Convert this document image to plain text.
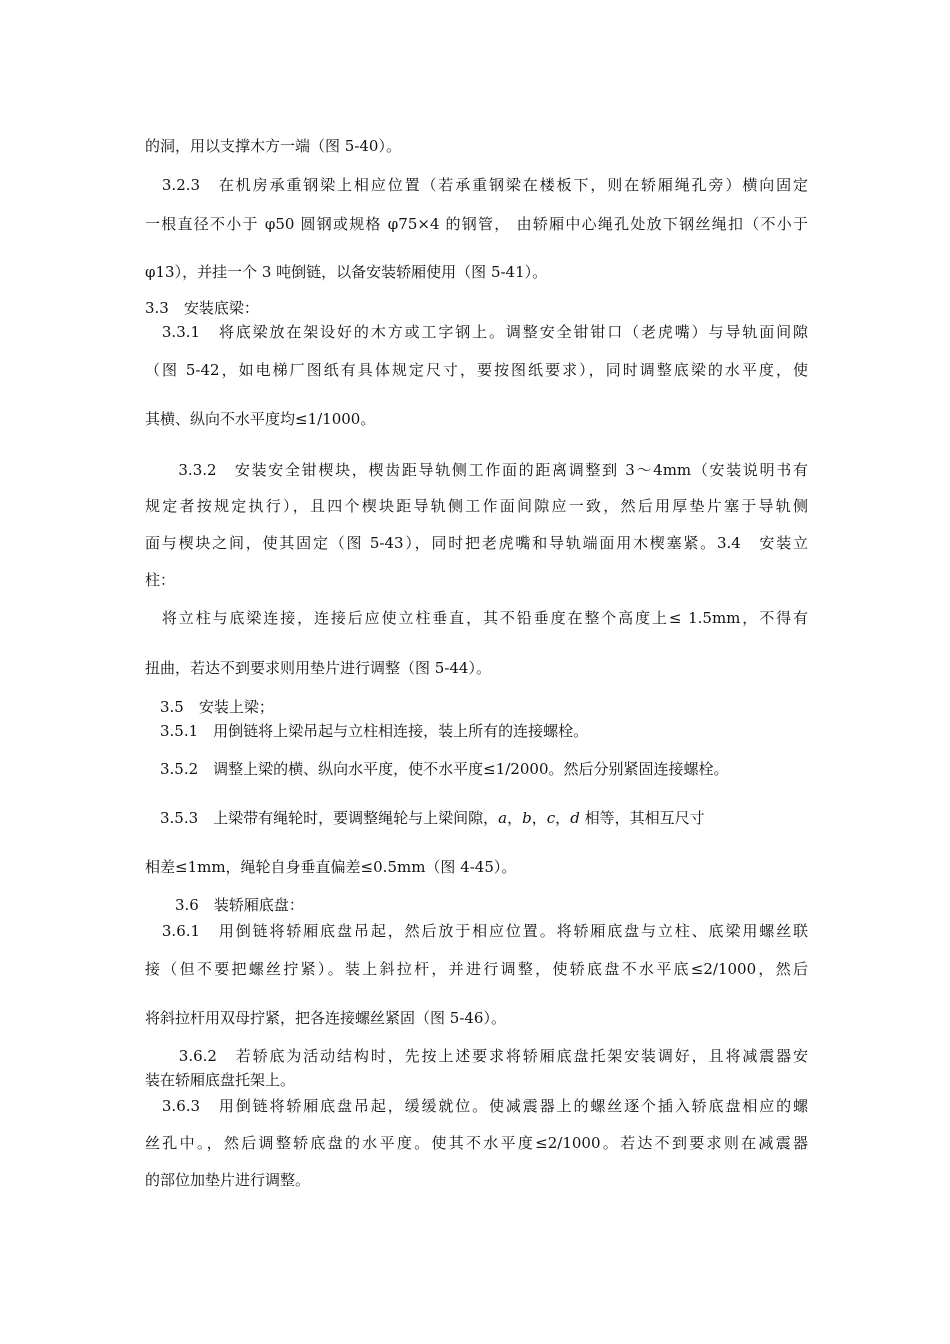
的洞，用以支撑木方一端（图 5-40）。
　3.2.3　在机房承重钢梁上相应位置（若承重钢梁在楼板下，则在轿厢绳孔旁）横向固定
一根直径不小于 φ50 圆钢或规格 φ75×4 的钢管， 由轿厢中心绳孔处放下钢丝绳扣（不小于
φ13），并挂一个 3 吨倒链，以备安装轿厢使用（图 5-41）。
3.3　安装底梁：
　3.3.1　将底梁放在架设好的木方或工字钢上。调整安全钳钳口（老虎嘴）与导轨面间隙
（图 5-42，如电梯厂图纸有具体规定尺寸，要按图纸要求），同时调整底梁的水平度，使
其横、纵向不水平度均≤1/1000。
　　3.3.2　安装安全钳楔块，楔齿距导轨侧工作面的距离调整到 3～4mm（安装说明书有
规定者按规定执行），且四个楔块距导轨侧工作面间隙应一致，然后用厚垫片塞于导轨侧
面与楔块之间，使其固定（图 5-43），同时把老虎嘴和导轨端面用木楔塞紧。3.4　安装立
柱：
　将立柱与底梁连接，连接后应使立柱垂直，其不铅垂度在整个高度上≤ 1.5mm，不得有
扭曲，若达不到要求则用垫片进行调整（图 5-44）。
　3.5　安装上梁；
　3.5.1　用倒链将上梁吊起与立柱相连接，装上所有的连接螺栓。
　3.5.2　调整上梁的横、纵向水平度，使不水平度≤1/2000。然后分别紧固连接螺栓。
　3.5.3　上梁带有绳轮时，要调整绳轮与上梁间隙，a，b，c，d 相等，其相互尺寸
相差≤1mm，绳轮自身垂直偏差≤0.5mm（图 4-45）。
　　3.6　装轿厢底盘：
　3.6.1　用倒链将轿厢底盘吊起，然后放于相应位置。将轿厢底盘与立柱、底梁用螺丝联
接（但不要把螺丝拧紧）。装上斜拉杆，并进行调整，使轿底盘不水平底≤2/1000，然后
将斜拉杆用双母拧紧，把各连接螺丝紧固（图 5-46）。
　　3.6.2　若轿底为活动结构时，先按上述要求将轿厢底盘托架安装调好，且将减震器安
装在轿厢底盘托架上。
　3.6.3　用倒链将轿厢底盘吊起，缓缓就位。使减震器上的螺丝逐个插入轿底盘相应的螺
丝孔中。，然后调整轿底盘的水平度。使其不水平度≤2/1000。若达不到要求则在减震器
的部位加垫片进行调整。
